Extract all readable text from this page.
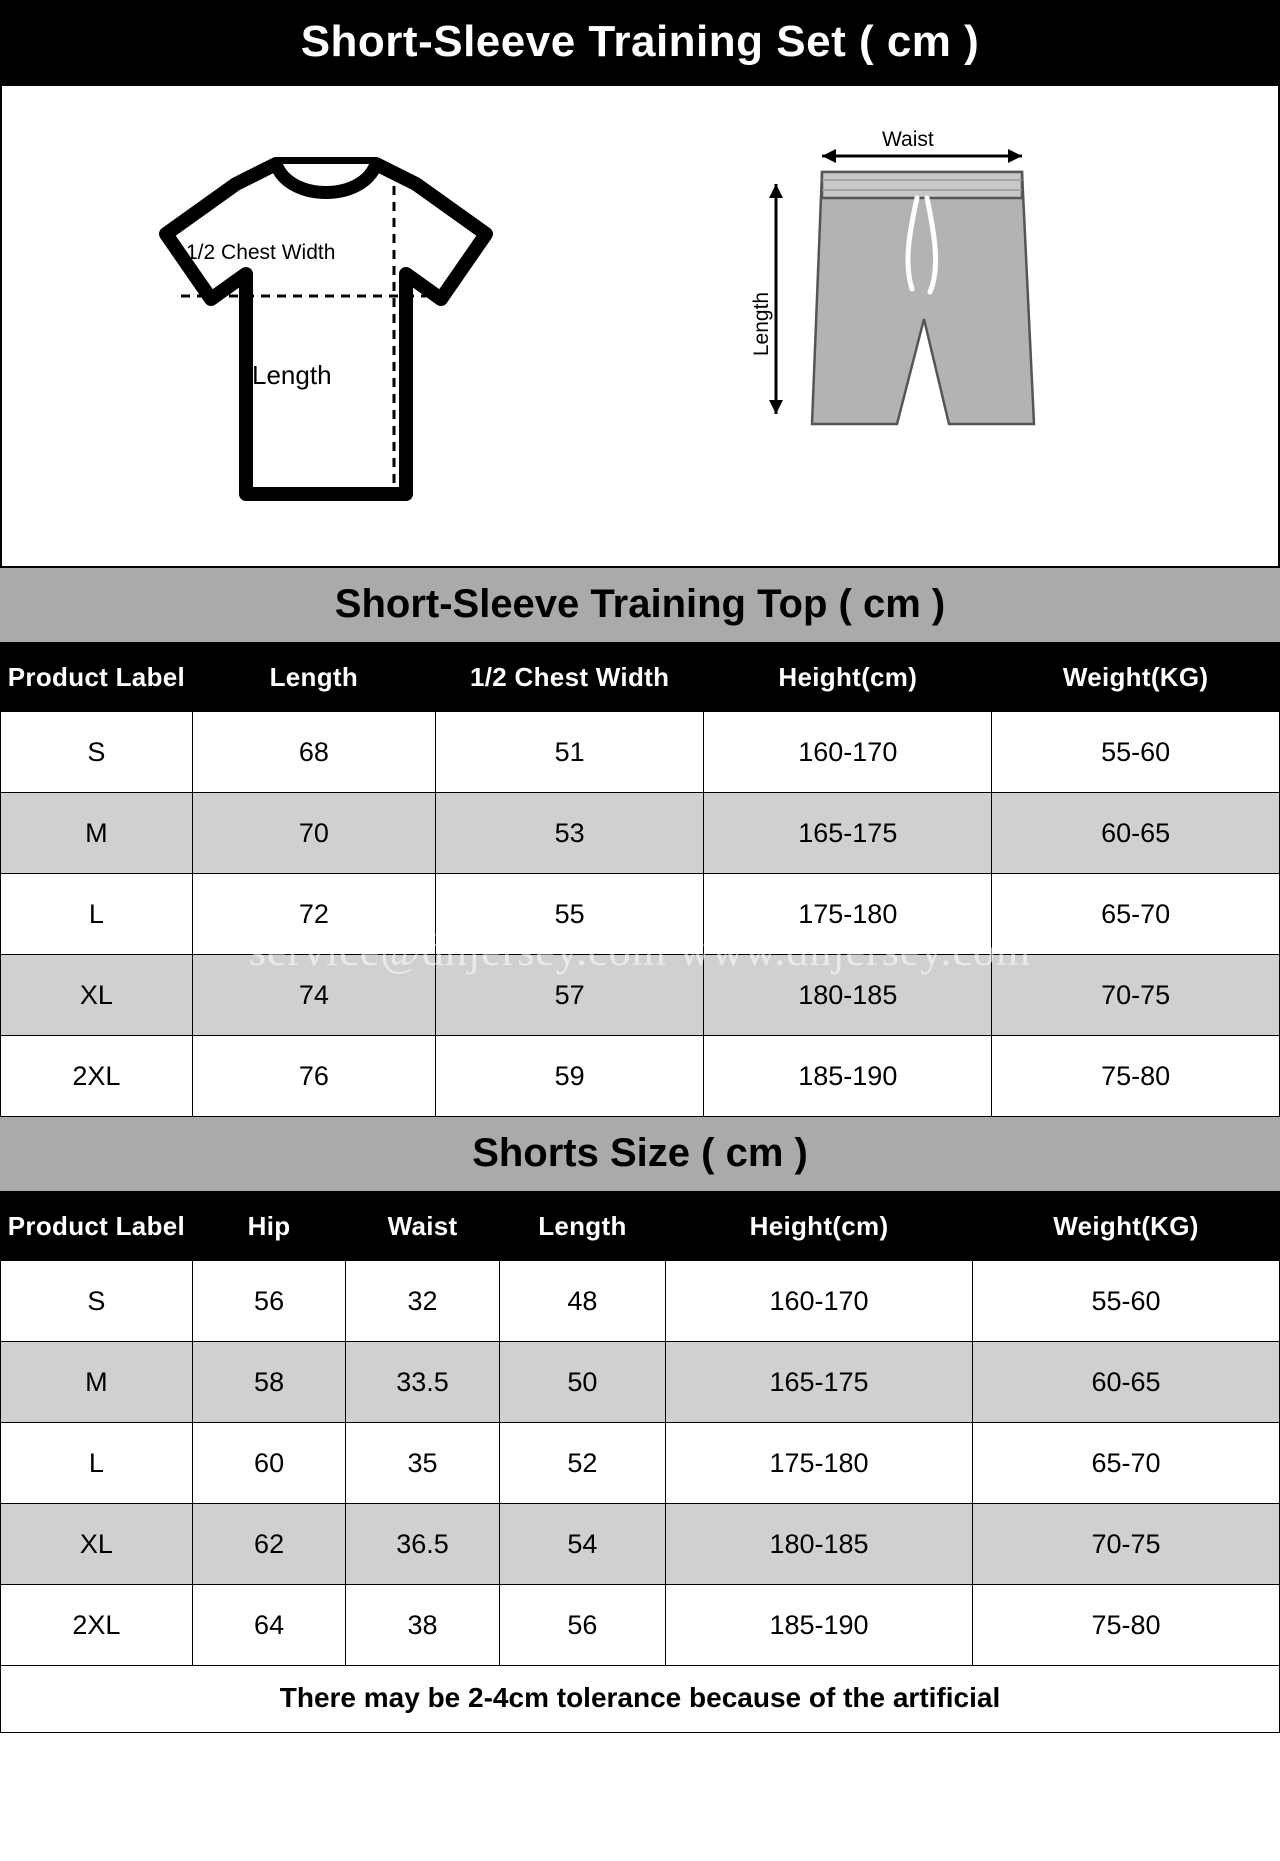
Short-Sleeve Training Set ( cm )
1/2 Chest Width
Length
Waist
Length
Short-Sleeve Training Top ( cm )
Product Label	Length	1/2 Chest Width	Height(cm)	Weight(KG)
S	68	51	160-170	55-60
M	70	53	165-175	60-65
L	72	55	175-180	65-70
XL	74	57	180-185	70-75
2XL	76	59	185-190	75-80
Shorts Size ( cm )
Product Label	Hip	Waist	Length	Height(cm)	Weight(KG)
S	56	32	48	160-170	55-60
M	58	33.5	50	165-175	60-65
L	60	35	52	175-180	65-70
XL	62	36.5	54	180-185	70-75
2XL	64	38	56	185-190	75-80
There may be 2-4cm tolerance because of the artificial
service@dhjersey.com www.dhjersey.com
